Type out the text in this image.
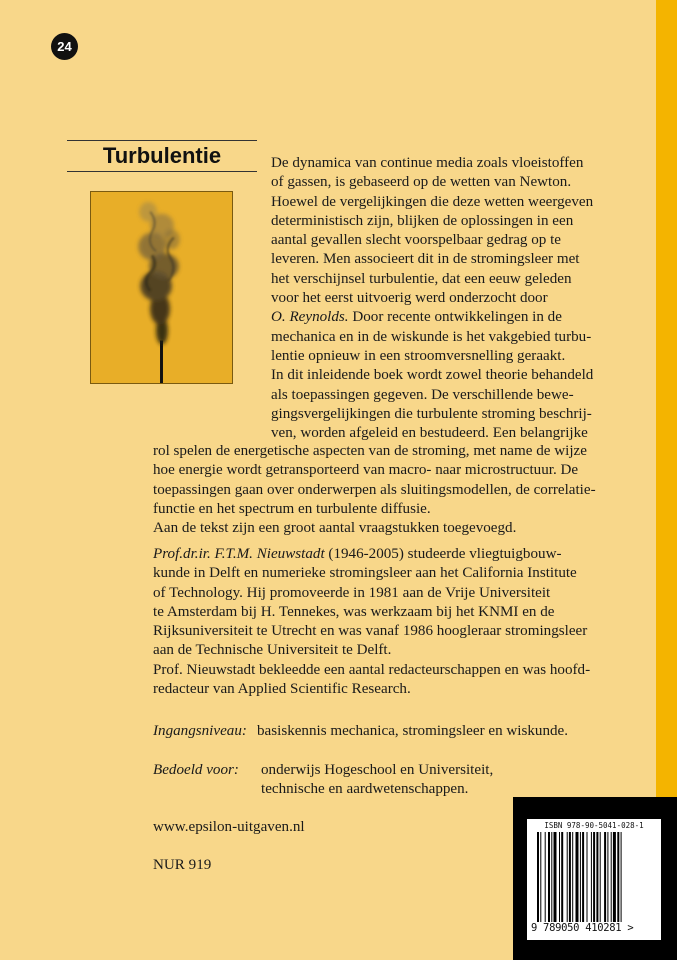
24
Turbulentie	De dynamica van continue media zoals vloeistoffen
of gassen, is gebaseerd op de wetten van Newton.
Hoewel de vergelijkingen die deze wetten weergeven
deterministisch zijn, blijken de oplossingen in een
aantal gevallen slecht voorspelbaar gedrag op te
leveren. Men associeert dit in de stromingsleer met
het verschijnsel turbulentie, dat een eeuw geleden
voor het eerst uitvoerig werd onderzocht door
O. Reynolds. Door recente ontwikkelingen in de
mechanica en in de wiskunde is het vakgebied turbu-
lentie opnieuw in een stroomversnelling geraakt.
In dit inleidende boek wordt zowel theorie behandeld
als toepassingen gegeven. De verschillende bewe-
gingsvergelijkingen die turbulente stroming beschrij-
ven, worden afgeleid en bestudeerd. Een belangrijke
rol spelen de energetische aspecten van de stroming, met name de wijze
hoe energie wordt getransporteerd van macro- naar microstructuur. De
toepassingen gaan over onderwerpen als sluitingsmodellen, de correlatie-
functie en het spectrum en turbulente diffusie.
Aan de tekst zijn een groot aantal vraagstukken toegevoegd.
Prof.dr.ir. F.T.M. Nieuwstadt (1946-2005) studeerde vliegtuigbouw-
kunde in Delft en numerieke stromingsleer aan het California Institute
of Technology. Hij promoveerde in 1981 aan de Vrije Universiteit
te Amsterdam bij H. Tennekes, was werkzaam bij het KNMI en de
Rijksuniversiteit te Utrecht en was vanaf 1986 hoogleraar stromingsleer
aan de Technische Universiteit te Delft.
Prof. Nieuwstadt bekleedde een aantal redacteurschappen en was hoofd-
redacteur van Applied Scientific Research.
Ingangsniveau: basiskennis mechanica, stromingsleer en wiskunde.
Bedoeld voor: onderwijs Hogeschool en Universiteit,
technische en aardwetenschappen.
www.epsilon-uitgaven.nl
NUR 919
ISBN 978-90-5041-028-1
9 789050 410281 >
